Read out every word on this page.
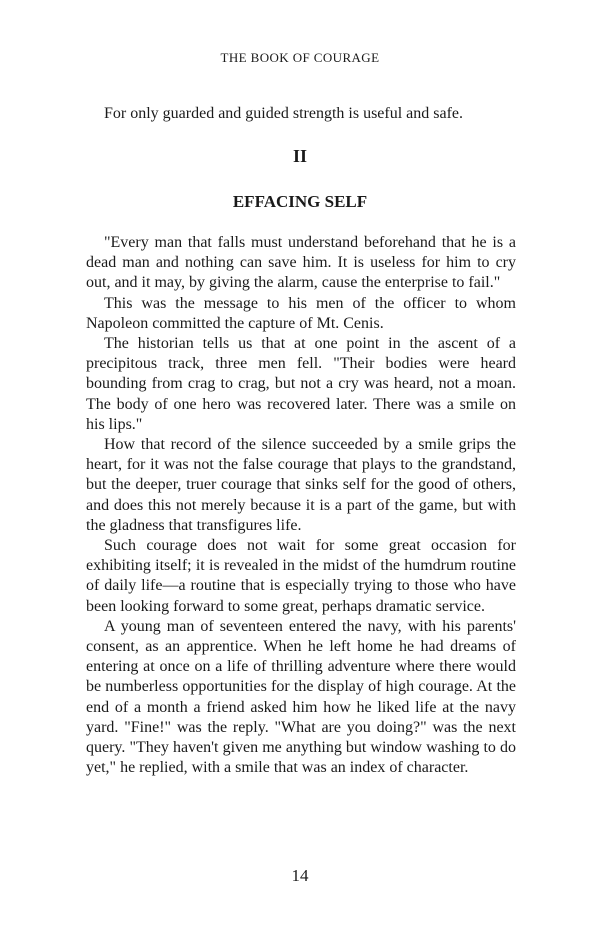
THE BOOK OF COURAGE
For only guarded and guided strength is useful and safe.
II
EFFACING SELF

"Every man that falls must understand beforehand that he is a dead man and nothing can save him. It is useless for him to cry out, and it may, by giving the alarm, cause the enterprise to fail."

This was the message to his men of the officer to whom Napoleon committed the capture of Mt. Cenis.

The historian tells us that at one point in the ascent of a precipitous track, three men fell. "Their bodies were heard bounding from crag to crag, but not a cry was heard, not a moan. The body of one hero was recovered later. There was a smile on his lips."

How that record of the silence succeeded by a smile grips the heart, for it was not the false courage that plays to the grandstand, but the deeper, truer courage that sinks self for the good of others, and does this not merely because it is a part of the game, but with the gladness that transfigures life.

Such courage does not wait for some great occasion for exhibiting itself; it is revealed in the midst of the humdrum routine of daily life—a routine that is especially trying to those who have been looking forward to some great, perhaps dramatic service.

A young man of seventeen entered the navy, with his parents' consent, as an apprentice. When he left home he had dreams of entering at once on a life of thrilling adventure where there would be numberless opportunities for the display of high courage. At the end of a month a friend asked him how he liked life at the navy yard. "Fine!" was the reply. "What are you doing?" was the next query. "They haven't given me anything but window washing to do yet," he replied, with a smile that was an index of character.

14
